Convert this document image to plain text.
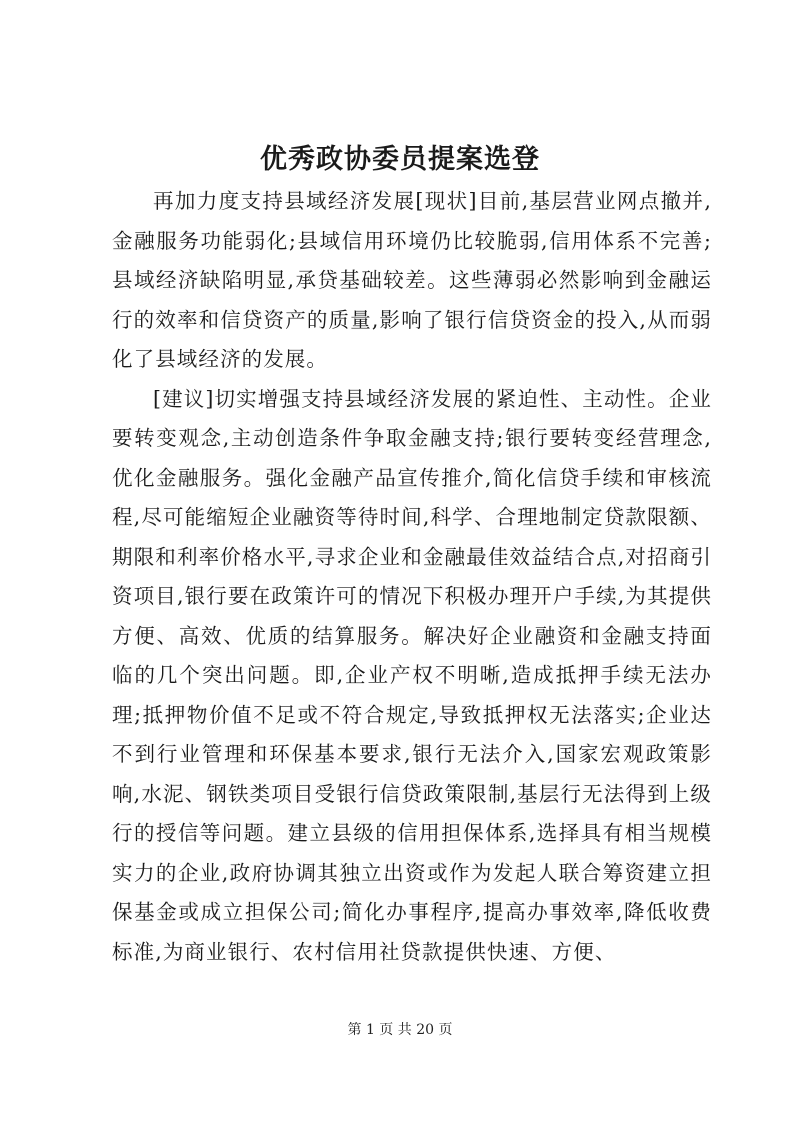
优秀政协委员提案选登

再加力度支持县域经济发展[现状]目前,基层营业网点撤并,金融服务功能弱化;县域信用环境仍比较脆弱,信用体系不完善;县域经济缺陷明显,承贷基础较差。这些薄弱必然影响到金融运行的效率和信贷资产的质量,影响了银行信贷资金的投入,从而弱化了县域经济的发展。

[建议]切实增强支持县域经济发展的紧迫性、主动性。企业要转变观念,主动创造条件争取金融支持;银行要转变经营理念,优化金融服务。强化金融产品宣传推介,简化信贷手续和审核流程,尽可能缩短企业融资等待时间,科学、合理地制定贷款限额、期限和利率价格水平,寻求企业和金融最佳效益结合点,对招商引资项目,银行要在政策许可的情况下积极办理开户手续,为其提供方便、高效、优质的结算服务。解决好企业融资和金融支持面临的几个突出问题。即,企业产权不明晰,造成抵押手续无法办理;抵押物价值不足或不符合规定,导致抵押权无法落实;企业达不到行业管理和环保基本要求,银行无法介入,国家宏观政策影响,水泥、钢铁类项目受银行信贷政策限制,基层行无法得到上级行的授信等问题。建立县级的信用担保体系,选择具有相当规模实力的企业,政府协调其独立出资或作为发起人联合筹资建立担保基金或成立担保公司;简化办事程序,提高办事效率,降低收费标准,为商业银行、农村信用社贷款提供快速、方便、

第 1 页 共 20 页
